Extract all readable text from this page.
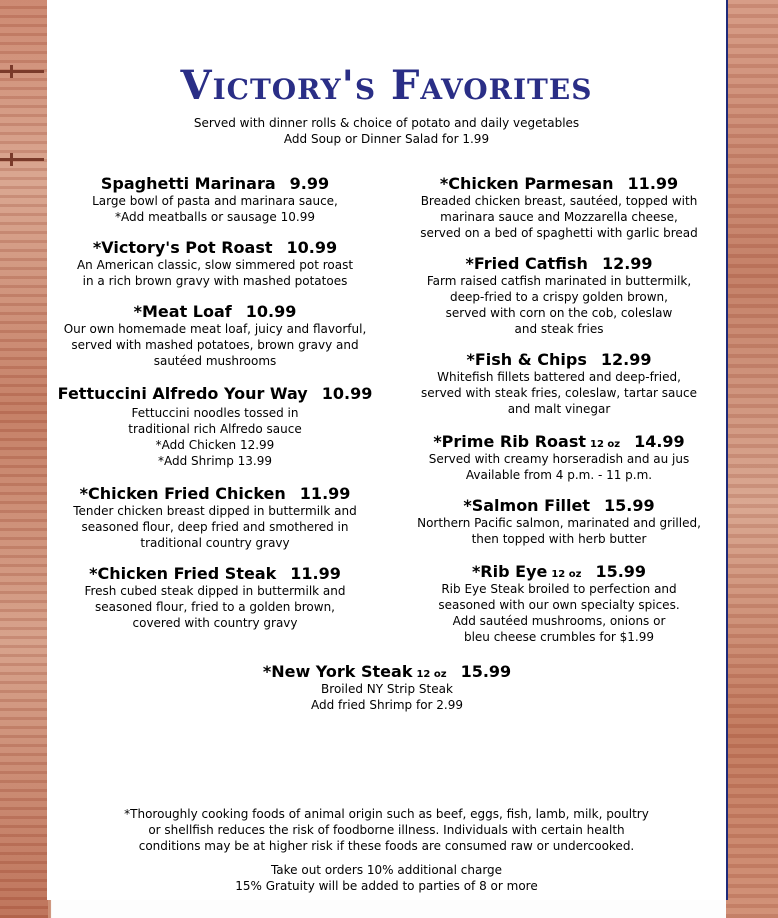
Victory's Favorites
Served with dinner rolls & choice of potato and daily vegetables
Add Soup or Dinner Salad for 1.99
Spaghetti Marinara 9.99
Large bowl of pasta and marinara sauce,
*Add meatballs or sausage 10.99
*Victory's Pot Roast 10.99
An American classic, slow simmered pot roast
in a rich brown gravy with mashed potatoes
*Meat Loaf 10.99
Our own homemade meat loaf, juicy and flavorful,
served with mashed potatoes, brown gravy and
sautéed mushrooms
Fettuccini Alfredo Your Way 10.99
Fettuccini noodles tossed in
traditional rich Alfredo sauce
*Add Chicken 12.99
*Add Shrimp 13.99
*Chicken Fried Chicken 11.99
Tender chicken breast dipped in buttermilk and
seasoned flour, deep fried and smothered in
traditional country gravy
*Chicken Fried Steak 11.99
Fresh cubed steak dipped in buttermilk and
seasoned flour, fried to a golden brown,
covered with country gravy
*Chicken Parmesan 11.99
Breaded chicken breast, sautéed, topped with
marinara sauce and Mozzarella cheese,
served on a bed of spaghetti with garlic bread
*Fried Catfish 12.99
Farm raised catfish marinated in buttermilk,
deep-fried to a crispy golden brown,
served with corn on the cob, coleslaw
and steak fries
*Fish & Chips 12.99
Whitefish fillets battered and deep-fried,
served with steak fries, coleslaw, tartar sauce
and malt vinegar
*Prime Rib Roast 12 oz 14.99
Served with creamy horseradish and au jus
Available from 4 p.m. - 11 p.m.
*Salmon Fillet 15.99
Northern Pacific salmon, marinated and grilled,
then topped with herb butter
*Rib Eye 12 oz 15.99
Rib Eye Steak broiled to perfection and
seasoned with our own specialty spices.
Add sautéed mushrooms, onions or
bleu cheese crumbles for $1.99
*New York Steak 12 oz 15.99
Broiled NY Strip Steak
Add fried Shrimp for 2.99
*Thoroughly cooking foods of animal origin such as beef, eggs, fish, lamb, milk, poultry
or shellfish reduces the risk of foodborne illness. Individuals with certain health
conditions may be at higher risk if these foods are consumed raw or undercooked.
Take out orders 10% additional charge
15% Gratuity will be added to parties of 8 or more
